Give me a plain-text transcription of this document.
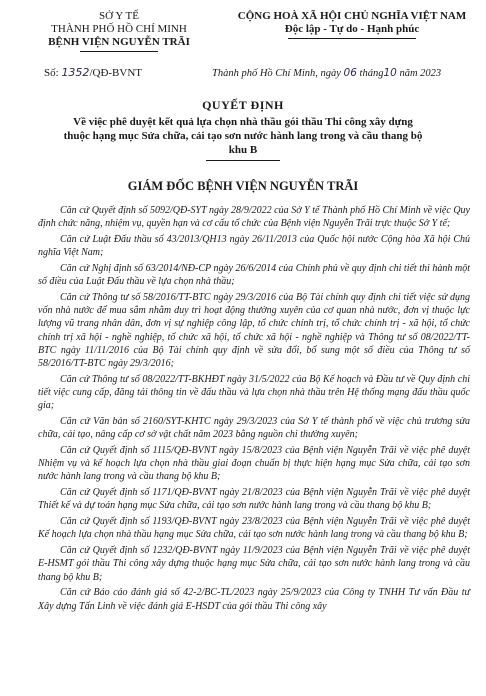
SỞ Y TẾ
THÀNH PHỐ HỒ CHÍ MINH
BỆNH VIỆN NGUYỄN TRÃI
CỘNG HOÀ XÃ HỘI CHỦ NGHĨA VIỆT NAM
Độc lập - Tự do - Hạnh phúc
Số: 1352/QĐ-BVNT	Thành phố Hồ Chí Minh, ngày 06 tháng10 năm 2023
QUYẾT ĐỊNH
Về việc phê duyệt kết quả lựa chọn nhà thầu gói thầu Thi công xây dựng thuộc hạng mục Sửa chữa, cải tạo sơn nước hành lang trong và cầu thang bộ khu B
GIÁM ĐỐC BỆNH VIỆN NGUYỄN TRÃI

Căn cứ Quyết định số 5092/QĐ-SYT ngày 28/9/2022 của Sở Y tế Thành phố Hồ Chí Minh về việc Quy định chức năng, nhiệm vụ, quyền hạn và cơ cấu tổ chức của Bệnh viện Nguyễn Trãi trực thuộc Sở Y tế;

Căn cứ Luật Đấu thầu số 43/2013/QH13 ngày 26/11/2013 của Quốc hội nước Cộng hòa Xã hội Chủ nghĩa Việt Nam;

Căn cứ Nghị định số 63/2014/NĐ-CP ngày 26/6/2014 của Chính phủ về quy định chi tiết thi hành một số điều của Luật Đấu thầu về lựa chọn nhà thầu;

Căn cứ Thông tư số 58/2016/TT-BTC ngày 29/3/2016 của Bộ Tài chính quy định chi tiết việc sử dụng vốn nhà nước để mua sắm nhằm duy trì hoạt động thường xuyên của cơ quan nhà nước, đơn vị thuộc lực lượng vũ trang nhân dân, đơn vị sự nghiệp công lập, tổ chức chính trị, tổ chức chính trị - xã hội, tổ chức chính trị xã hội - nghề nghiệp, tổ chức xã hội, tổ chức xã hội - nghề nghiệp và Thông tư số 08/2022/TT-BTC ngày 11/11/2016 của Bộ Tài chính quy định về sửa đổi, bổ sung một số điều của Thông tư số 58/2016/TT-BTC ngày 29/3/2016;

Căn cứ Thông tư số 08/2022/TT-BKHĐT ngày 31/5/2022 của Bộ Kế hoạch và Đầu tư về Quy định chi tiết việc cung cấp, đăng tải thông tin về đấu thầu và lựa chọn nhà thầu trên Hệ thống mạng đấu thầu quốc gia;

Căn cứ Văn bản số 2160/SYT-KHTC ngày 29/3/2023 của Sở Y tế thành phố về việc chủ trương sửa chữa, cải tạo, nâng cấp cơ sở vật chất năm 2023 bằng nguồn chi thường xuyên;

Căn cứ Quyết định số 1115/QĐ-BVNT ngày 15/8/2023 của Bệnh viện Nguyễn Trãi về việc phê duyệt Nhiệm vụ và kế hoạch lựa chọn nhà thầu giai đoạn chuẩn bị thực hiện hạng mục Sửa chữa, cải tạo sơn nước hành lang trong và cầu thang bộ khu B;

Căn cứ Quyết định số 1171/QĐ-BVNT ngày 21/8/2023 của Bệnh viện Nguyễn Trãi về việc phê duyệt Thiết kế và dự toán hạng mục Sửa chữa, cải tạo sơn nước hành lang trong và cầu thang bộ khu B;

Căn cứ Quyết định số 1193/QĐ-BVNT ngày 23/8/2023 của Bệnh viện Nguyễn Trãi về việc phê duyệt Kế hoạch lựa chọn nhà thầu hạng mục Sửa chữa, cải tạo sơn nước hành lang trong và cầu thang bộ khu B;

Căn cứ Quyết định số 1232/QĐ-BVNT ngày 11/9/2023 của Bệnh viện Nguyễn Trãi về việc phê duyệt E-HSMT gói thầu Thi công xây dựng thuộc hạng mục Sửa chữa, cải tạo sơn nước hành lang trong và cầu thang bộ khu B;

Căn cứ Báo cáo đánh giá số 42-2/BC-TL/2023 ngày 25/9/2023 của Công ty TNHH Tư vấn Đầu tư Xây dựng Tấn Linh về việc đánh giá E-HSDT của gói thầu Thi công xây
